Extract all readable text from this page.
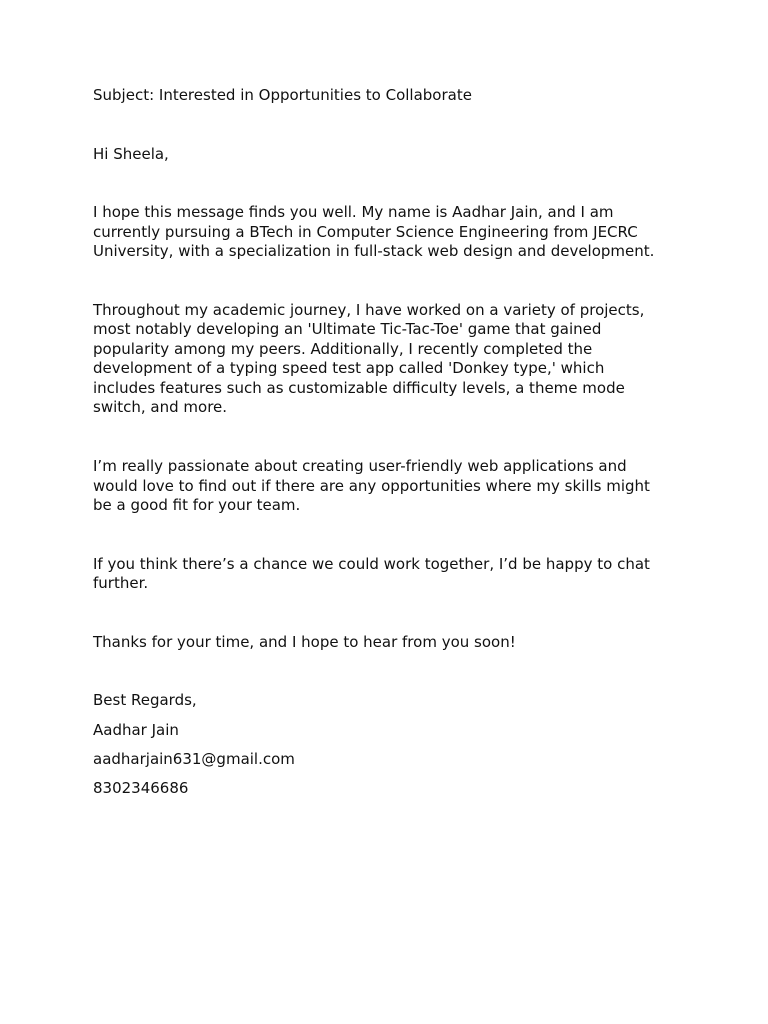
Subject: Interested in Opportunities to Collaborate

Hi Sheela,

I hope this message finds you well. My name is Aadhar Jain, and I am

currently pursuing a BTech in Computer Science Engineering from JECRC

University, with a specialization in full-stack web design and development.

Throughout my academic journey, I have worked on a variety of projects,

most notably developing an 'Ultimate Tic-Tac-Toe' game that gained

popularity among my peers. Additionally, I recently completed the

development of a typing speed test app called 'Donkey type,' which

includes features such as customizable difficulty levels, a theme mode

switch, and more.

I’m really passionate about creating user-friendly web applications and

would love to find out if there are any opportunities where my skills might

be a good fit for your team.

If you think there’s a chance we could work together, I’d be happy to chat

further.

Thanks for your time, and I hope to hear from you soon!

Best Regards,

Aadhar Jain

aadharjain631@gmail.com

8302346686
